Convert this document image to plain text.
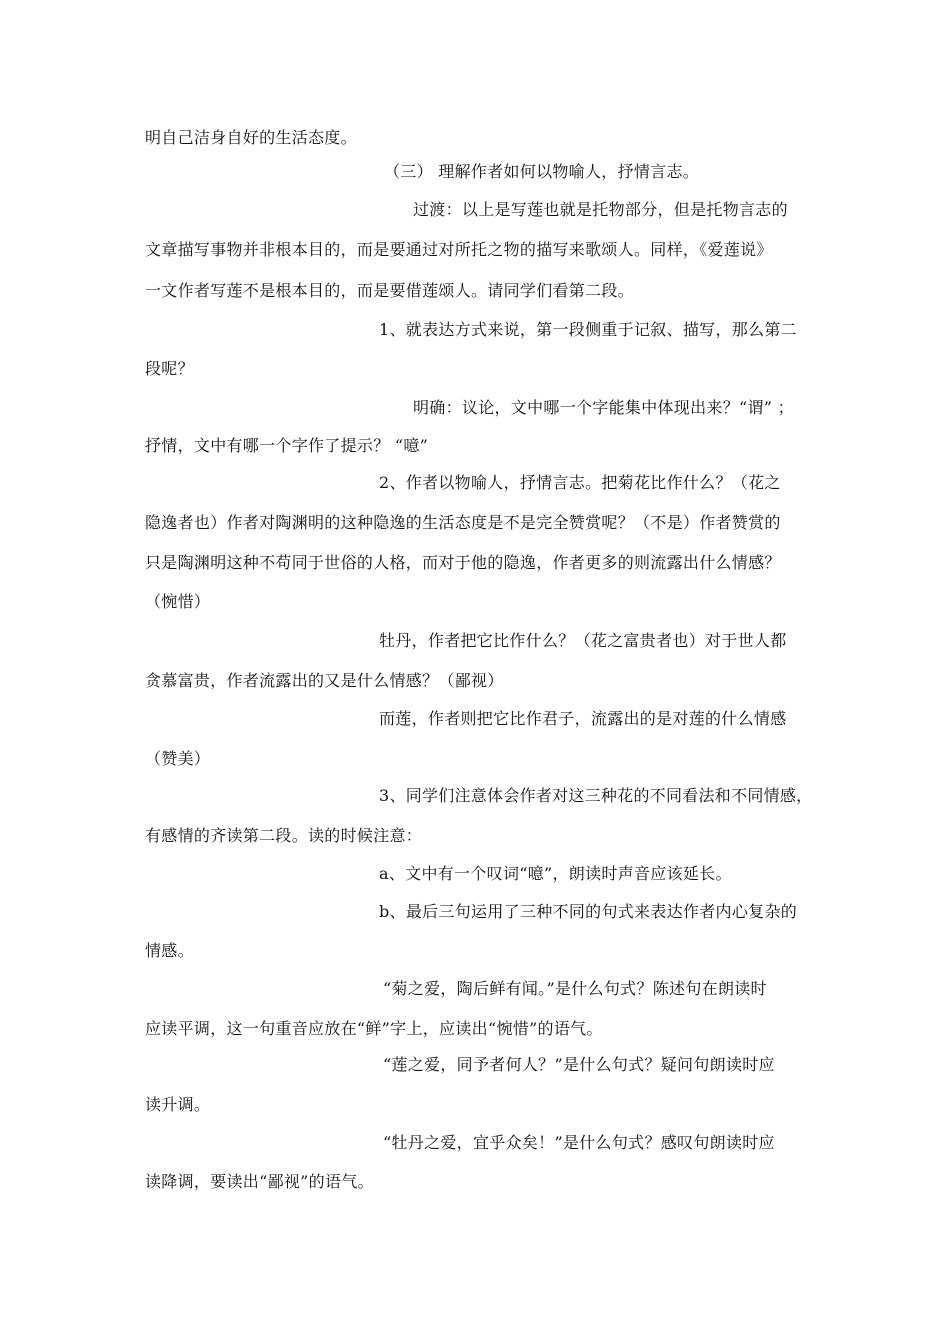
明自己洁身自好的生活态度。
（三） 理解作者如何以物喻人，抒情言志。
过渡：以上是写莲也就是托物部分，但是托物言志的
文章描写事物并非根本目的，而是要通过对所托之物的描写来歌颂人。同样，《爱莲说》
一文作者写莲不是根本目的，而是要借莲颂人。请同学们看第二段。
1、就表达方式来说，第一段侧重于记叙、描写，那么第二
段呢？
明确：议论，文中哪一个字能集中体现出来？“谓” ；
抒情，文中有哪一个字作了提示？ “噫”
2、作者以物喻人，抒情言志。把菊花比作什么？（花之
隐逸者也）作者对陶渊明的这种隐逸的生活态度是不是完全赞赏呢？（不是）作者赞赏的
只是陶渊明这种不苟同于世俗的人格，而对于他的隐逸，作者更多的则流露出什么情感？
（惋惜）
牡丹，作者把它比作什么？（花之富贵者也）对于世人都
贪慕富贵，作者流露出的又是什么情感？（鄙视）
而莲，作者则把它比作君子，流露出的是对莲的什么情感
（赞美）
3、同学们注意体会作者对这三种花的不同看法和不同情感，
有感情的齐读第二段。读的时候注意：
a、文中有一个叹词“噫”，朗读时声音应该延长。
b、最后三句运用了三种不同的句式来表达作者内心复杂的
情感。
“菊之爱，陶后鲜有闻。”是什么句式？陈述句在朗读时
应读平调，这一句重音应放在“鲜”字上，应读出“惋惜”的语气。
“莲之爱，同予者何人？”是什么句式？疑问句朗读时应
读升调。
“牡丹之爱，宜乎众矣！”是什么句式？感叹句朗读时应
读降调，要读出“鄙视”的语气。
